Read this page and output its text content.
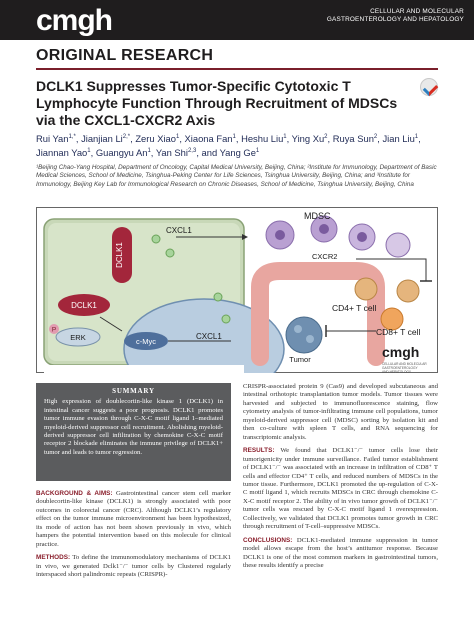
cmgh	CELLULAR AND MOLECULAR
GASTROENTEROLOGY AND HEPATOLOGY
ORIGINAL RESEARCH
DCLK1 Suppresses Tumor-Specific Cytotoxic T Lymphocyte Function Through Recruitment of MDSCs via the CXCL1-CXCR2 Axis
Rui Yan$^{1,*}$, Jianjian $Li^{2,*}$, Zeru Xiao$^1$, Xiaona Fan$^1$, Heshu Liu$^1$, Ying Xu$^2$, Ruya Sun$^2$, Jian Liu$^1$, Jiannan Yao$^1$, Guangyu An$^1$, Yan Shi$^{2,3}$, and Yang Ge$^1$
¹Beijing Chao-Yang Hospital, Department of Oncology, Capital Medical University, Beijing, China; ²Institute for Immunology, Department of Basic Medical Sciences, School of Medicine, Tsinghua-Peking Center for Life Sciences, Tsinghua University, Beijing, China; and ³Institute for Immunology, Beijing Key Lab for Immunological Research on Chronic Diseases, School of Medicine, Tsinghua University, Beijing, China
DCLK1
CXCL1
DCLK1
P
ERK	c-Myc
CXCL1
MDSC
CXCR2
Tumor
CD4+ T cell
CD8+ T cell
cmgh
CELLULAR AND MOLECULAR
GASTROENTEROLOGY
AND HEPATOLOGY
SUMMARY
High expression of doublecortin-like kinase 1 (DCLK1) in intestinal cancer suggests a poor prognosis. DCLK1 promotes tumor immune evasion through C-X-C motif ligand 1–mediated myeloid-derived suppressor cell recruitment. Abolishing myeloid-derived suppressor cell infiltration by chemokine C-X-C motif receptor 2 blockade eliminates the immune privilege of DCLK1+ tumor and leads to tumor regression.

BACKGROUND & AIMS: Gastrointestinal cancer stem cell marker doublecortin-like kinase (DCLK1) is strongly associated with poor outcomes in colorectal cancer (CRC). Although DCLK1’s regulatory effect on the tumor immune microenvironment has been hypothesized, its mode of action has not been shown previously in vivo, which hampers the potential intervention based on this molecule for clinical practice.

METHODS: To define the immunomodulatory mechanisms of DCLK1 in vivo, we generated Dclk1⁻/⁻ tumor cells by Clustered regularly interspaced short palindromic repeats (CRISPR)-

CRISPR-associated protein 9 (Cas9) and developed subcutaneous and intestinal orthotopic transplantation tumor models. Tumor tissues were harvested and subjected to immunofluorescence staining, flow cytometry analysis of tumor-infiltrating immune cell populations, tumor myeloid-derived suppressor cell (MDSC) sorting by isolation kit and then co-culture with spleen T cells, and RNA sequencing for transcriptomic analysis.

RESULTS: We found that DCLK1⁻/⁻ tumor cells lose their tumorigenicity under immune surveillance. Failed tumor establishment of DCLK1⁻/⁻ was associated with an increase in infiltration of CD8⁺ T cells and effector CD4⁺ T cells, and reduced numbers of MDSCs in the tumor tissue. Furthermore, DCLK1 promoted the up-regulation of C-X-C motif ligand 1, which recruits MDSCs in CRC through chemokine C-X-C motif receptor 2. The ability of in vivo tumor growth of DCLK1⁻/⁻ tumor cells was rescued by C-X-C motif ligand 1 overexpression. Collectively, we validated that DCLK1 promotes tumor growth in CRC through recruitment of T-cell–suppressive MDSCs.

CONCLUSIONS: DCLK1-mediated immune suppression in tumor model allows escape from the host’s antitumor response. Because DCLK1 is one of the most common markers in gastrointestinal tumors, these results identify a precise
